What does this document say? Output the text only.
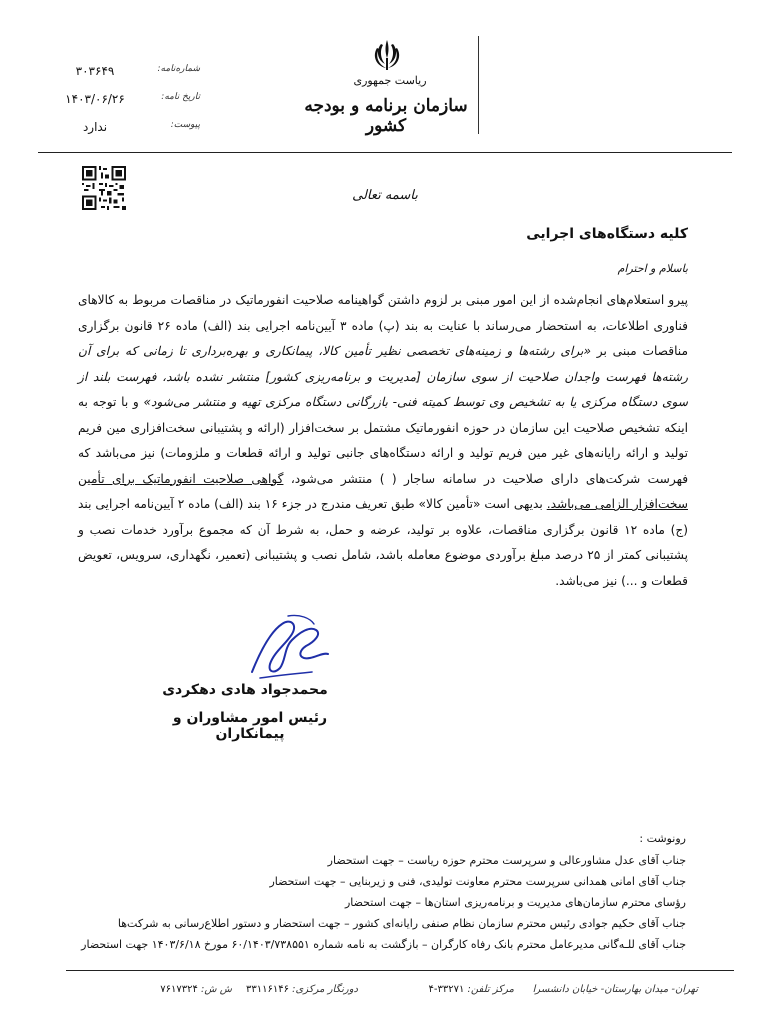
۳۰۳۶۴۹	شماره‌نامه:
۱۴۰۳/۰۶/۲۶	تاریخ نامه:
ندارد	پیوست:
ریاست جمهوری
سازمان برنامه و بودجه کشور
باسمه تعالی
کلیه دستگاه‌های اجرایی
باسلام و احترام
پیرو استعلام‌های انجام‌شده از این امور مبنی بر لزوم داشتن گواهینامه صلاحیت انفورماتیک در مناقصات مربوط به کالاهای فناوری اطلاعات، به استحضار می‌رساند با عنایت به بند (پ) ماده ۳ آیین‌نامه اجرایی بند (الف) ماده ۲۶ قانون برگزاری مناقصات مبنی بر «برای رشته‌ها و زمینه‌های تخصصی نظیر تأمین کالا، پیمانکاری و بهره‌برداری تا زمانی که برای آن رشته‌ها فهرست واجدان صلاحیت از سوی سازمان [مدیریت و برنامه‌ریزی کشور] منتشر نشده باشد، فهرست بلند از سوی دستگاه مرکزی یا به تشخیص وی توسط کمیته فنی- بازرگانی دستگاه مرکزی تهیه و منتشر می‌شود» و با توجه به اینکه تشخیص صلاحیت این سازمان در حوزه انفورماتیک مشتمل بر سخت‌افزار (ارائه و پشتیبانی سخت‌افزاری مین فریم تولید و ارائه رایانه‌های غیر مین فریم تولید و ارائه دستگاه‌های جانبی تولید و ارائه قطعات و ملزومات) نیز می‌باشد که فهرست شرکت‌های دارای صلاحیت در سامانه ساجار ( ) منتشر می‌شود، گواهی صلاحیت انفورماتیک برای تأمین سخت‌افزار الزامی می‌باشد. بدیهی است «تأمین کالا» طبق تعریف مندرج در جزء ۱۶ بند (الف) ماده ۲ آیین‌نامه اجرایی بند (ج) ماده ۱۲ قانون برگزاری مناقصات، علاوه بر تولید، عرضه و حمل، به شرط آن که مجموع برآورد خدمات نصب و پشتیبانی کمتر از ۲۵ درصد مبلغ برآوردی موضوع معامله باشد، شامل نصب و پشتیبانی (تعمیر، نگهداری، سرویس، تعویض قطعات و ...) نیز می‌باشد.
محمدجواد هادی دهکردی
رئیس امور مشاوران و پیمانکاران
رونوشت :
جناب آقای عدل مشاورعالی و سرپرست محترم حوزه ریاست – جهت استحضار
جناب آقای امانی همدانی سرپرست محترم معاونت تولیدی، فنی و زیربنایی – جهت استحضار
رؤسای محترم سازمان‌های مدیریت و برنامه‌ریزی استان‌ها – جهت استحضار
جناب آقای حکیم جوادی رئیس محترم سازمان نظام صنفی رایانه‌ای کشور – جهت استحضار و دستور اطلاع‌رسانی به شرکت‌ها
جناب آقای للـه‌گانی مدیرعامل محترم بانک رفاه کارگران – بازگشت به نامه شماره ۶۰/۱۴۰۳/۷۳۸۵۵۱ مورخ ۱۴۰۳/۶/۱۸ جهت استحضار
تهران- میدان بهارستان- خیابان دانشسرا
مرکز تلفن: ۳۳۲۷۱-۴
دورنگار مرکزی: ۳۳۱۱۶۱۴۶
ش ش: ۷۶۱۷۳۲۴
